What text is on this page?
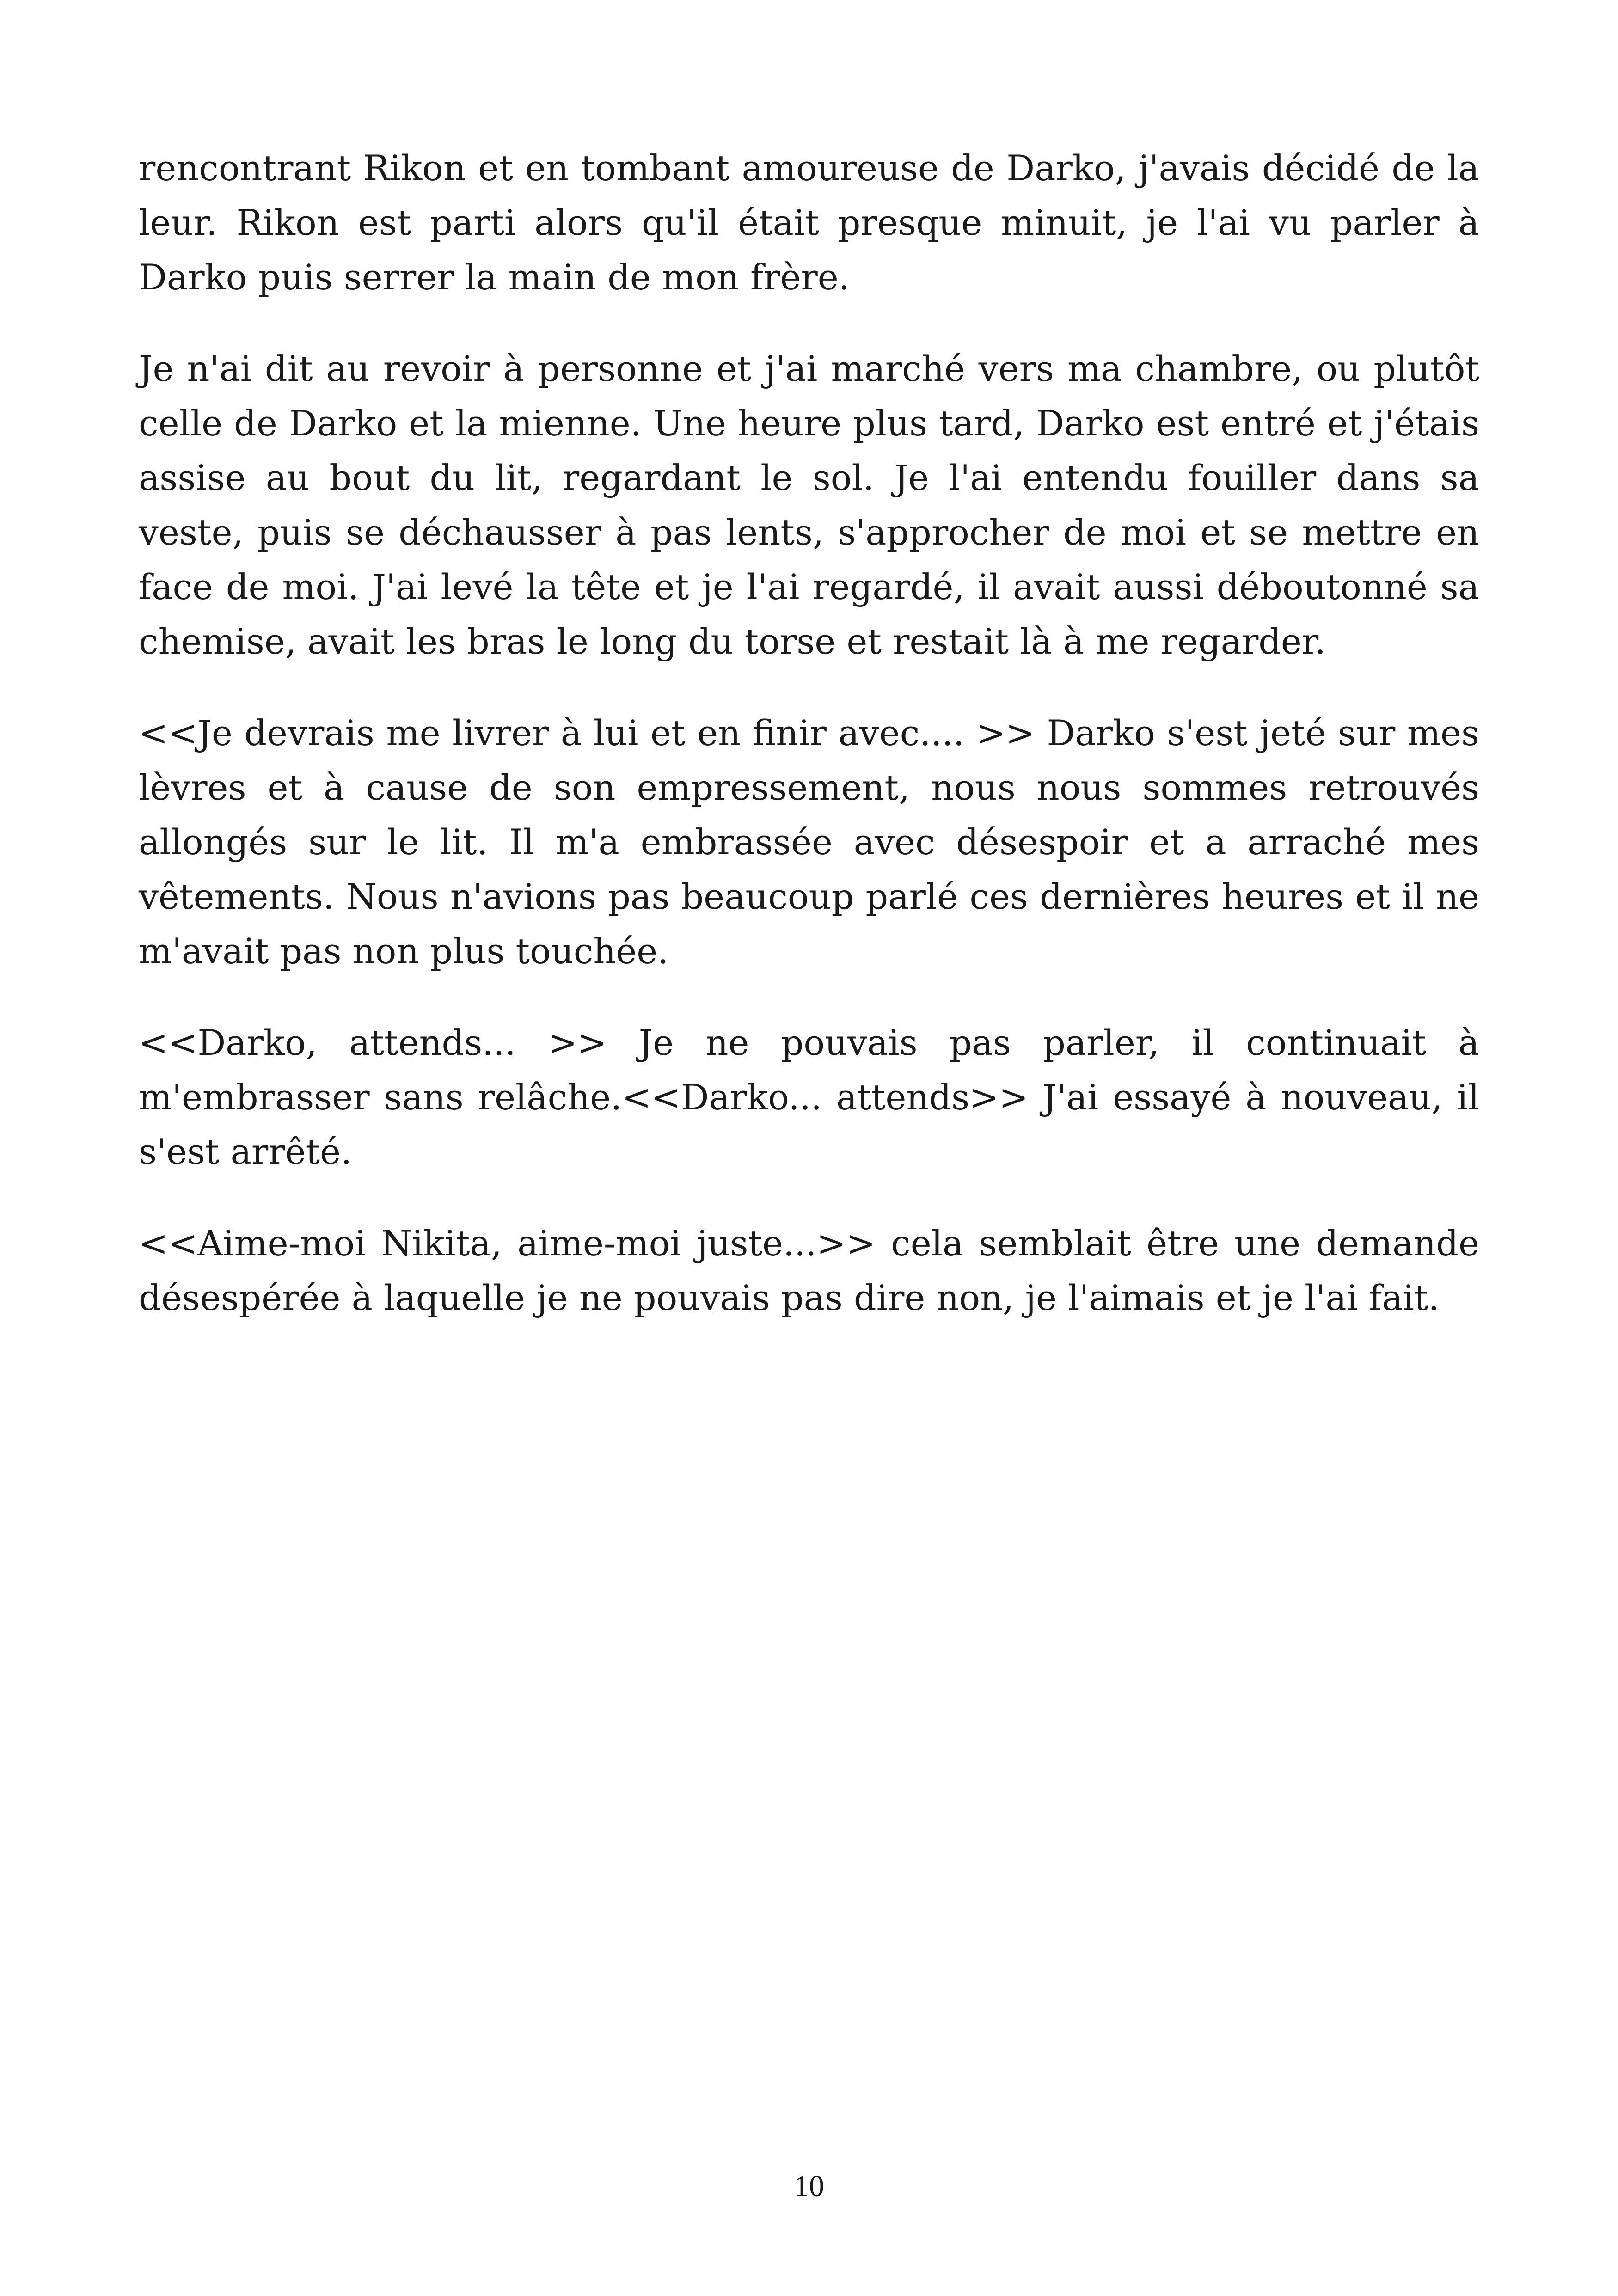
rencontrant Rikon et en tombant amoureuse de Darko, j'avais décidé de la leur. Rikon est parti alors qu'il était presque minuit, je l'ai vu parler à Darko puis serrer la main de mon frère.

Je n'ai dit au revoir à personne et j'ai marché vers ma chambre, ou plutôt celle de Darko et la mienne. Une heure plus tard, Darko est entré et j'étais assise au bout du lit, regardant le sol. Je l'ai entendu fouiller dans sa veste, puis se déchausser à pas lents, s'approcher de moi et se mettre en face de moi. J'ai levé la tête et je l'ai regardé, il avait aussi déboutonné sa chemise, avait les bras le long du torse et restait là à me regarder.

<<Je devrais me livrer à lui et en finir avec.... >> Darko s'est jeté sur mes lèvres et à cause de son empressement, nous nous sommes retrouvés allongés sur le lit. Il m'a embrassée avec désespoir et a arraché mes vêtements. Nous n'avions pas beaucoup parlé ces dernières heures et il ne m'avait pas non plus touchée.

<<Darko, attends... >> Je ne pouvais pas parler, il continuait à m'embrasser sans relâche.<<Darko... attends>> J'ai essayé à nouveau, il s'est arrêté.

<<Aime-moi Nikita, aime-moi juste...>> cela semblait être une demande désespérée à laquelle je ne pouvais pas dire non, je l'aimais et je l'ai fait.

10
